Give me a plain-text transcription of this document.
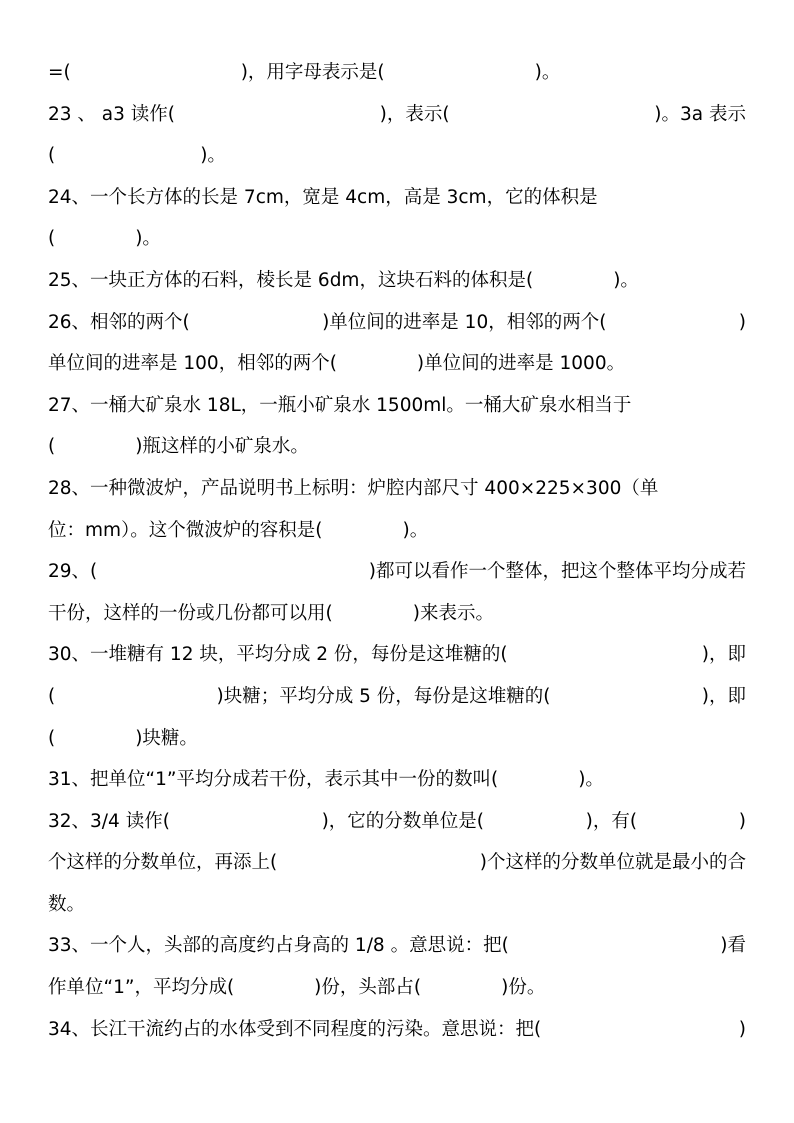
=(
　	)，用字母表示是(
　	)。
23 、 a3 读作(
　	)，表示(
　	)。3a 表示
(
　	)。
24、一个长方体的长是 7cm，宽是 4cm，高是 3cm，它的体积是
(
　	)。
25、一块正方体的石料，棱长是 6dm，这块石料的体积是(
　	)。
26、相邻的两个(
　	)单位间的进率是 10，相邻的两个(
　	)
单位间的进率是 100，相邻的两个(
　	)单位间的进率是 1000。
27、一桶大矿泉水 18L，一瓶小矿泉水 1500ml。一桶大矿泉水相当于
(
　	)瓶这样的小矿泉水。
28、一种微波炉，产品说明书上标明：炉腔内部尺寸 400×225×300（单
位：mm）。这个微波炉的容积是(
　	)。
29、(
　	)都可以看作一个整体，把这个整体平均分成若
干份，这样的一份或几份都可以用(
　	)来表示。
30、一堆糖有 12 块，平均分成 2 份，每份是这堆糖的(
　	)，即
(
　	)块糖；平均分成 5 份，每份是这堆糖的(
　	)，即
(
　	)块糖。
31、把单位“1”平均分成若干份，表示其中一份的数叫(
　	)。
32、3/4 读作(
　	)，它的分数单位是(
　	)，有(
　	)
个这样的分数单位，再添上(
　	)个这样的分数单位就是最小的合
数。
33、一个人，头部的高度约占身高的 1/8 。意思说：把(
　	)看
作单位“1”，平均分成(
　	)份，头部占(
　	)份。
34、长江干流约占的水体受到不同程度的污染。意思说：把(
　	)
